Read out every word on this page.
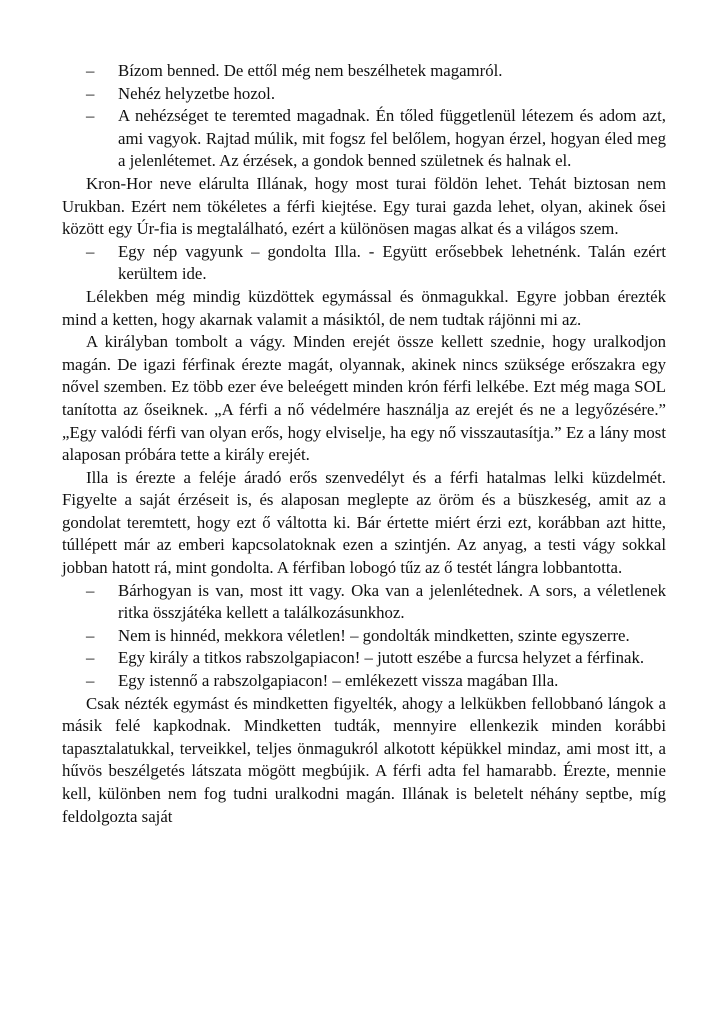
– Bízom benned. De ettől még nem beszélhetek magamról.

– Nehéz helyzetbe hozol.

– A nehézséget te teremted magadnak. Én tőled függetlenül létezem és adom azt, ami vagyok. Rajtad múlik, mit fogsz fel belőlem, hogyan érzel, hogyan éled meg a jelenlétemet. Az érzések, a gondok benned születnek és halnak el.

Kron-Hor neve elárulta Illának, hogy most turai földön lehet. Tehát biztosan nem Urukban. Ezért nem tökéletes a férfi kiejtése. Egy turai gazda lehet, olyan, akinek ősei között egy Úr-fia is megtalálható, ezért a különösen magas alkat és a világos szem.

– Egy nép vagyunk – gondolta Illa. - Együtt erősebbek lehetnénk. Talán ezért kerültem ide.

Lélekben még mindig küzdöttek egymással és önmagukkal. Egyre jobban érezték mind a ketten, hogy akarnak valamit a másiktól, de nem tudtak rájönni mi az.

A királyban tombolt a vágy. Minden erejét össze kellett szednie, hogy uralkodjon magán. De igazi férfinak érezte magát, olyannak, akinek nincs szüksége erőszakra egy nővel szemben. Ez több ezer éve beleégett minden krón férfi lelkébe. Ezt még maga SOL tanította az őseiknek. „A férfi a nő védelmére használja az erejét és ne a legyőzésére.” „Egy valódi férfi van olyan erős, hogy elviselje, ha egy nő visszautasítja.” Ez a lány most alaposan próbára tette a király erejét.

Illa is érezte a feléje áradó erős szenvedélyt és a férfi hatalmas lelki küzdelmét. Figyelte a saját érzéseit is, és alaposan meglepte az öröm és a büszkeség, amit az a gondolat teremtett, hogy ezt ő váltotta ki. Bár értette miért érzi ezt, korábban azt hitte, túllépett már az emberi kapcsolatoknak ezen a szintjén. Az anyag, a testi vágy sokkal jobban hatott rá, mint gondolta. A férfiban lobogó tűz az ő testét lángra lobbantotta.

– Bárhogyan is van, most itt vagy. Oka van a jelenlétednek. A sors, a véletlenek ritka összjátéka kellett a találkozásunkhoz.

– Nem is hinnéd, mekkora véletlen! – gondolták mindketten, szinte egyszerre.

– Egy király a titkos rabszolgapiacon! – jutott eszébe a furcsa helyzet a férfinak.

– Egy istennő a rabszolgapiacon! – emlékezett vissza magában Illa.

Csak nézték egymást és mindketten figyelték, ahogy a lelkükben fellobbanó lángok a másik felé kapkodnak. Mindketten tudták, mennyire ellenkezik minden korábbi tapasztalatukkal, terveikkel, teljes önmagukról alkotott képükkel mindaz, ami most itt, a hűvös beszélgetés látszata mögött megbújik. A férfi adta fel hamarabb. Érezte, mennie kell, különben nem fog tudni uralkodni magán. Illának is beletelt néhány septbe, míg feldolgozta saját
